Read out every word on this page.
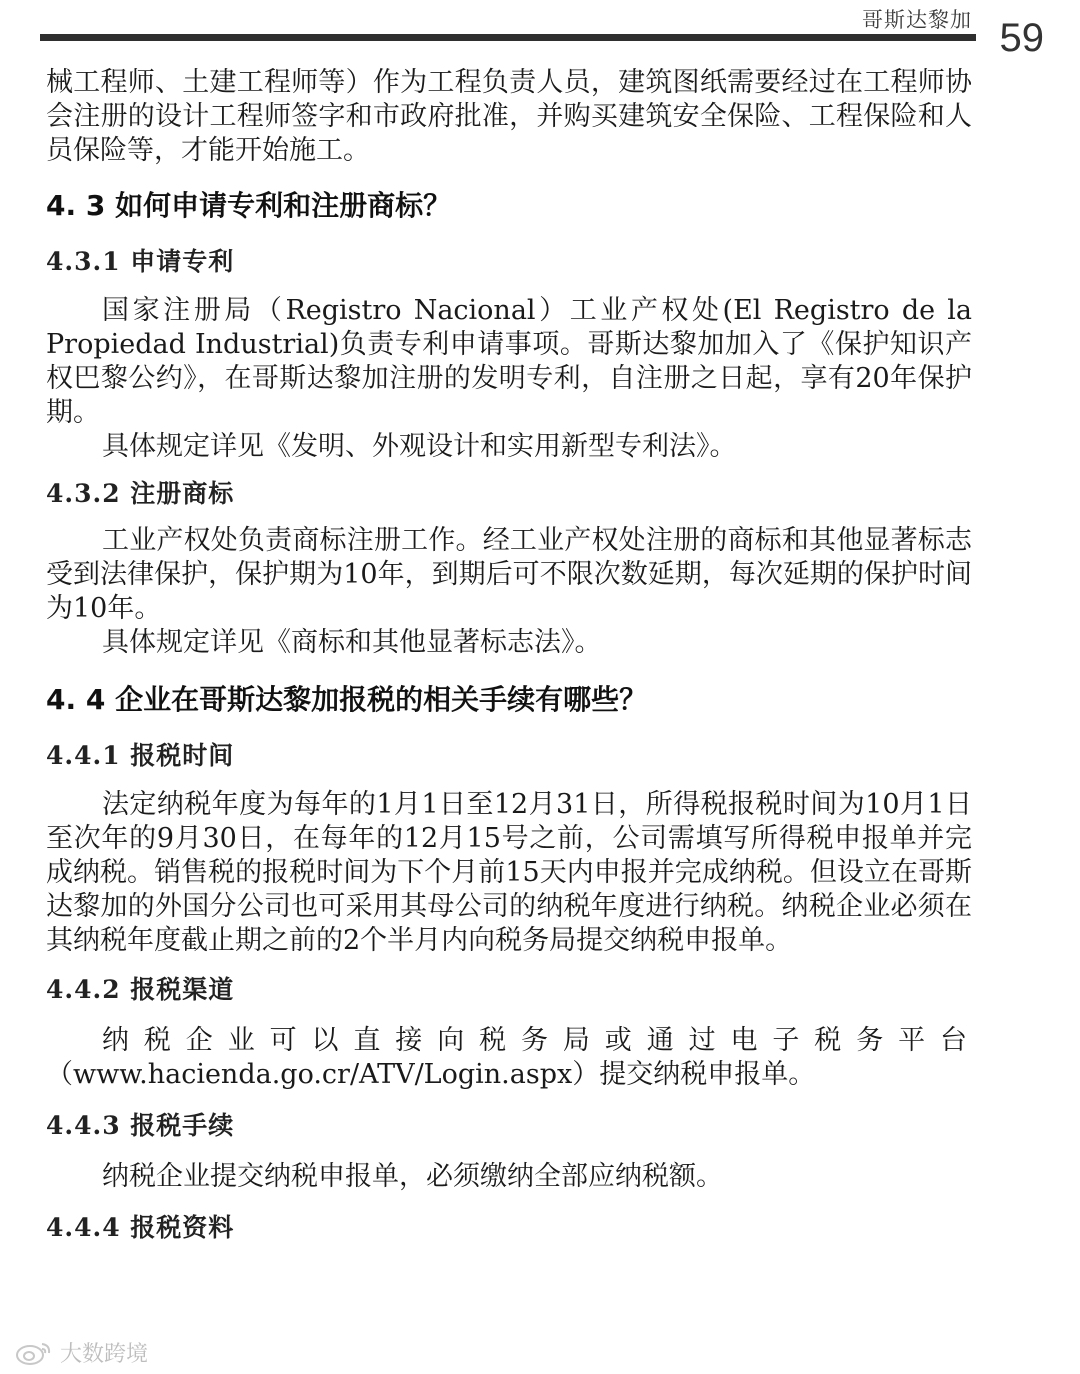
哥斯达黎加 59

械工程师、土建工程师等）作为工程负责人员，建筑图纸需要经过在工程师协会注册的设计工程师签字和市政府批准，并购买建筑安全保险、工程保险和人员保险等，才能开始施工。

4. 3 如何申请专利和注册商标？
4.3.1 申请专利

国家注册局（Registro Nacional）工业产权处(El Registro de la Propiedad Industrial)负责专利申请事项。哥斯达黎加加入了《保护知识产权巴黎公约》，在哥斯达黎加注册的发明专利，自注册之日起，享有20年保护期。

具体规定详见《发明、外观设计和实用新型专利法》。

4.3.2 注册商标

工业产权处负责商标注册工作。经工业产权处注册的商标和其他显著标志受到法律保护，保护期为10年，到期后可不限次数延期，每次延期的保护时间为10年。

具体规定详见《商标和其他显著标志法》。

4. 4 企业在哥斯达黎加报税的相关手续有哪些？
4.4.1 报税时间

法定纳税年度为每年的1月1日至12月31日，所得税报税时间为10月1日至次年的9月30日，在每年的12月15号之前，公司需填写所得税申报单并完成纳税。销售税的报税时间为下个月前15天内申报并完成纳税。但设立在哥斯达黎加的外国分公司也可采用其母公司的纳税年度进行纳税。纳税企业必须在其纳税年度截止期之前的2个半月内向税务局提交纳税申报单。

4.4.2 报税渠道

纳税企业可以直接向税务局或通过电子税务平台

（www.hacienda.go.cr/ATV/Login.aspx）提交纳税申报单。

4.4.3 报税手续

纳税企业提交纳税申报单，必须缴纳全部应纳税额。

4.4.4 报税资料
大数跨境
